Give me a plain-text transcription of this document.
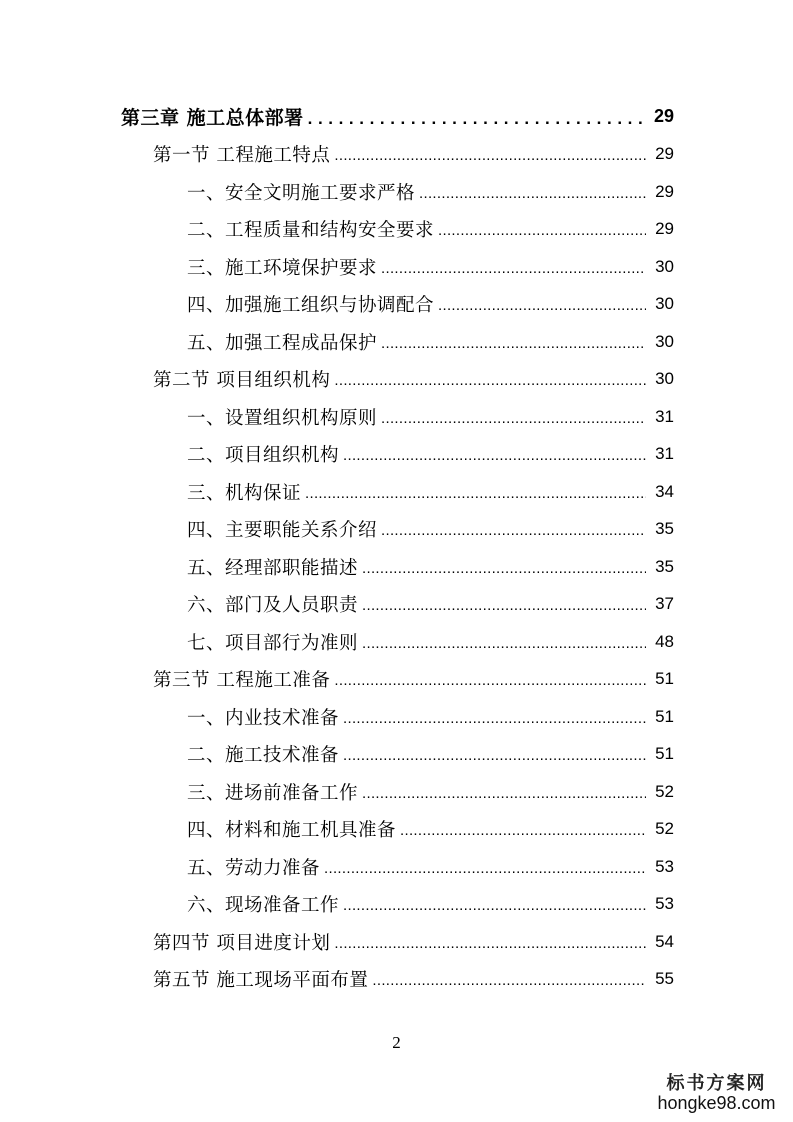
第三章 施工总体部署 .....	29
第一节 工程施工特点 .....	29
一、安全文明施工要求严格 .....	29
二、工程质量和结构安全要求 .....	29
三、施工环境保护要求 .....	30
四、加强施工组织与协调配合 .....	30
五、加强工程成品保护 .....	30
第二节 项目组织机构 .....	30
一、设置组织机构原则 .....	31
二、项目组织机构 .....	31
三、机构保证 .....	34
四、主要职能关系介绍 .....	35
五、经理部职能描述 .....	35
六、部门及人员职责 .....	37
七、项目部行为准则 .....	48
第三节 工程施工准备 .....	51
一、内业技术准备 .....	51
二、施工技术准备 .....	51
三、进场前准备工作 .....	52
四、材料和施工机具准备 .....	52
五、劳动力准备 .....	53
六、现场准备工作 .....	53
第四节 项目进度计划 .....	54
第五节 施工现场平面布置 .....	55
2
标书方案网
hongke98.com
